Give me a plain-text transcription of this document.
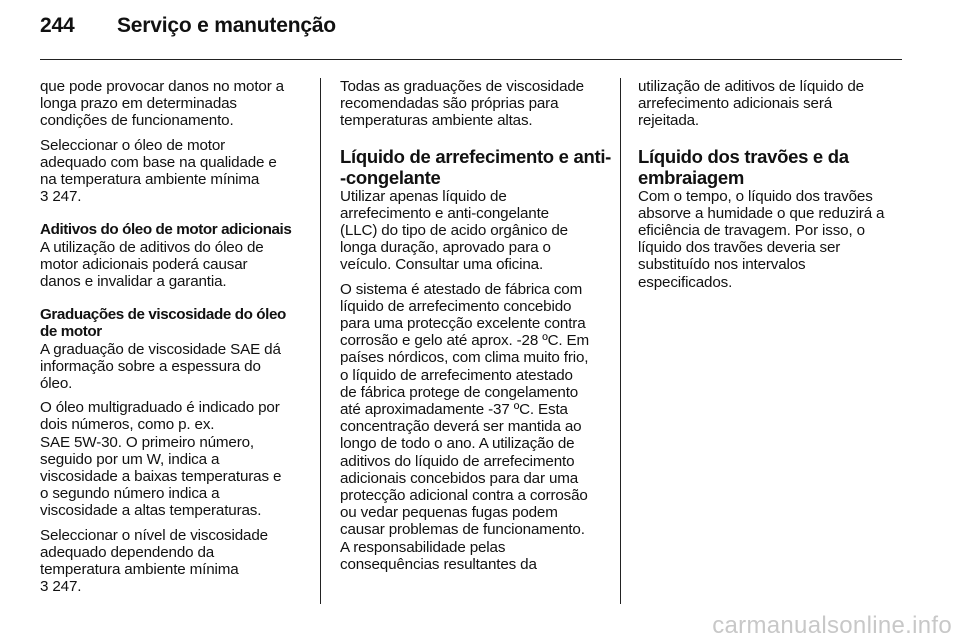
244 Serviço e manutenção

que pode provocar danos no motor a
longa prazo em determinadas
condições de funcionamento.

Seleccionar o óleo de motor
adequado com base na qualidade e
na temperatura ambiente mínima
3 247.

Aditivos do óleo de motor adicionais

A utilização de aditivos do óleo de
motor adicionais poderá causar
danos e invalidar a garantia.

Graduações de viscosidade do óleo
de motor

A graduação de viscosidade SAE dá
informação sobre a espessura do
óleo.

O óleo multigraduado é indicado por
dois números, como p. ex.
SAE 5W-30. O primeiro número,
seguido por um W, indica a
viscosidade a baixas temperaturas e
o segundo número indica a
viscosidade a altas temperaturas.

Seleccionar o nível de viscosidade
adequado dependendo da
temperatura ambiente mínima
3 247.

Todas as graduações de viscosidade
recomendadas são próprias para
temperaturas ambiente altas.

Líquido de arrefecimento e anti-
-congelante

Utilizar apenas líquido de
arrefecimento e anti-congelante
(LLC) do tipo de acido orgânico de
longa duração, aprovado para o
veículo. Consultar uma oficina.

O sistema é atestado de fábrica com
líquido de arrefecimento concebido
para uma protecção excelente contra
corrosão e gelo até aprox. -28 ºC. Em
países nórdicos, com clima muito frio,
o líquido de arrefecimento atestado
de fábrica protege de congelamento
até aproximadamente -37 ºC. Esta
concentração deverá ser mantida ao
longo de todo o ano. A utilização de
aditivos do líquido de arrefecimento
adicionais concebidos para dar uma
protecção adicional contra a corrosão
ou vedar pequenas fugas podem
causar problemas de funcionamento.
A responsabilidade pelas
consequências resultantes da

utilização de aditivos de líquido de
arrefecimento adicionais será
rejeitada.

Líquido dos travões e da
embraiagem

Com o tempo, o líquido dos travões
absorve a humidade o que reduzirá a
eficiência de travagem. Por isso, o
líquido dos travões deveria ser
substituído nos intervalos
especificados.

carmanualsonline.info
